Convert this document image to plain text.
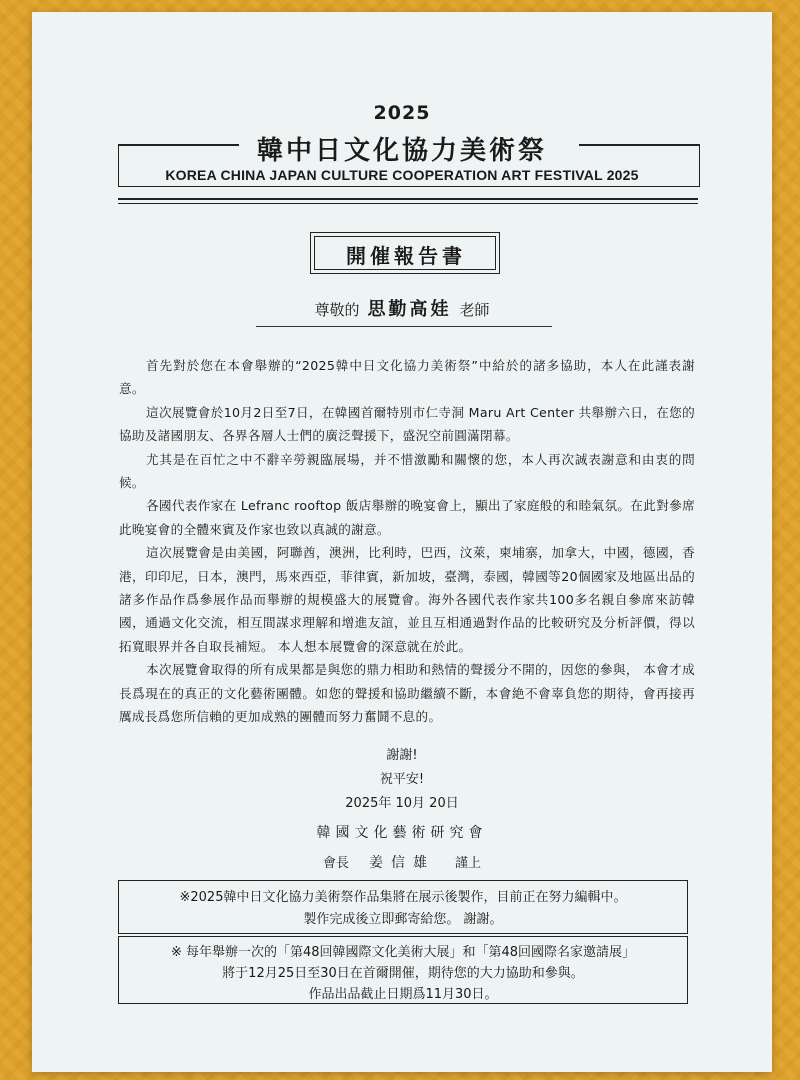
2025
韓中日文化協力美術祭
KOREA CHINA JAPAN CULTURE COOPERATION ART FESTIVAL 2025
開催報告書
尊敬的 思勤高娃 老師

首先對於您在本會舉辦的“2025韓中日文化協力美術祭”中給於的諸多協助，本人在此謹表謝意。

這次展覽會於10月2日至7日，在韓國首爾特別市仁寺洞 Maru Art Center 共舉辦六日，在您的協助及諸國朋友、各界各層人士們的廣泛聲援下，盛況空前圓滿閉幕。

尤其是在百忙之中不辭辛勞親臨展場，并不惜激勵和關懷的您，本人再次誠表謝意和由衷的問候。

各國代表作家在 Lefranc rooftop 飯店舉辦的晚宴會上，顯出了家庭般的和睦氣氛。在此對參席此晚宴會的全體來賓及作家也致以真誠的謝意。

這次展覽會是由美國，阿聯酋，澳洲，比利時，巴西，汶萊，柬埔寨，加拿大，中國，德國，香港，印印尼，日本，澳門，馬來西亞，菲律賓，新加坡，臺灣，泰國，韓國等20個國家及地區出品的諸多作品作爲參展作品而舉辦的規模盛大的展覽會。海外各國代表作家共100多名親自參席來訪韓國，通過文化交流，相互間謀求理解和增進友誼，並且互相通過對作品的比較研究及分析評價，得以拓寬眼界并各自取長補短。 本人想本展覽會的深意就在於此。

本次展覽會取得的所有成果都是與您的鼎力相助和熱情的聲援分不開的，因您的參與， 本會才成長爲現在的真正的文化藝術團體。如您的聲援和協助繼續不斷，本會絶不會辜負您的期待，會再接再厲成長爲您所信賴的更加成熟的團體而努力奮鬪不息的。

謝謝!
祝平安!
2025年 10月 20日
韓國文化藝術研究會
會長 姜信雄 謹上
※2025韓中日文化協力美術祭作品集將在展示後製作，目前正在努力編輯中。
製作完成後立即郵寄給您。 謝謝。
※ 每年舉辦一次的「第48回韓國際文化美術大展」和「第48回國際名家邀請展」
將于12月25日至30日在首爾開催，期待您的大力協助和參與。
作品出品截止日期爲11月30日。
